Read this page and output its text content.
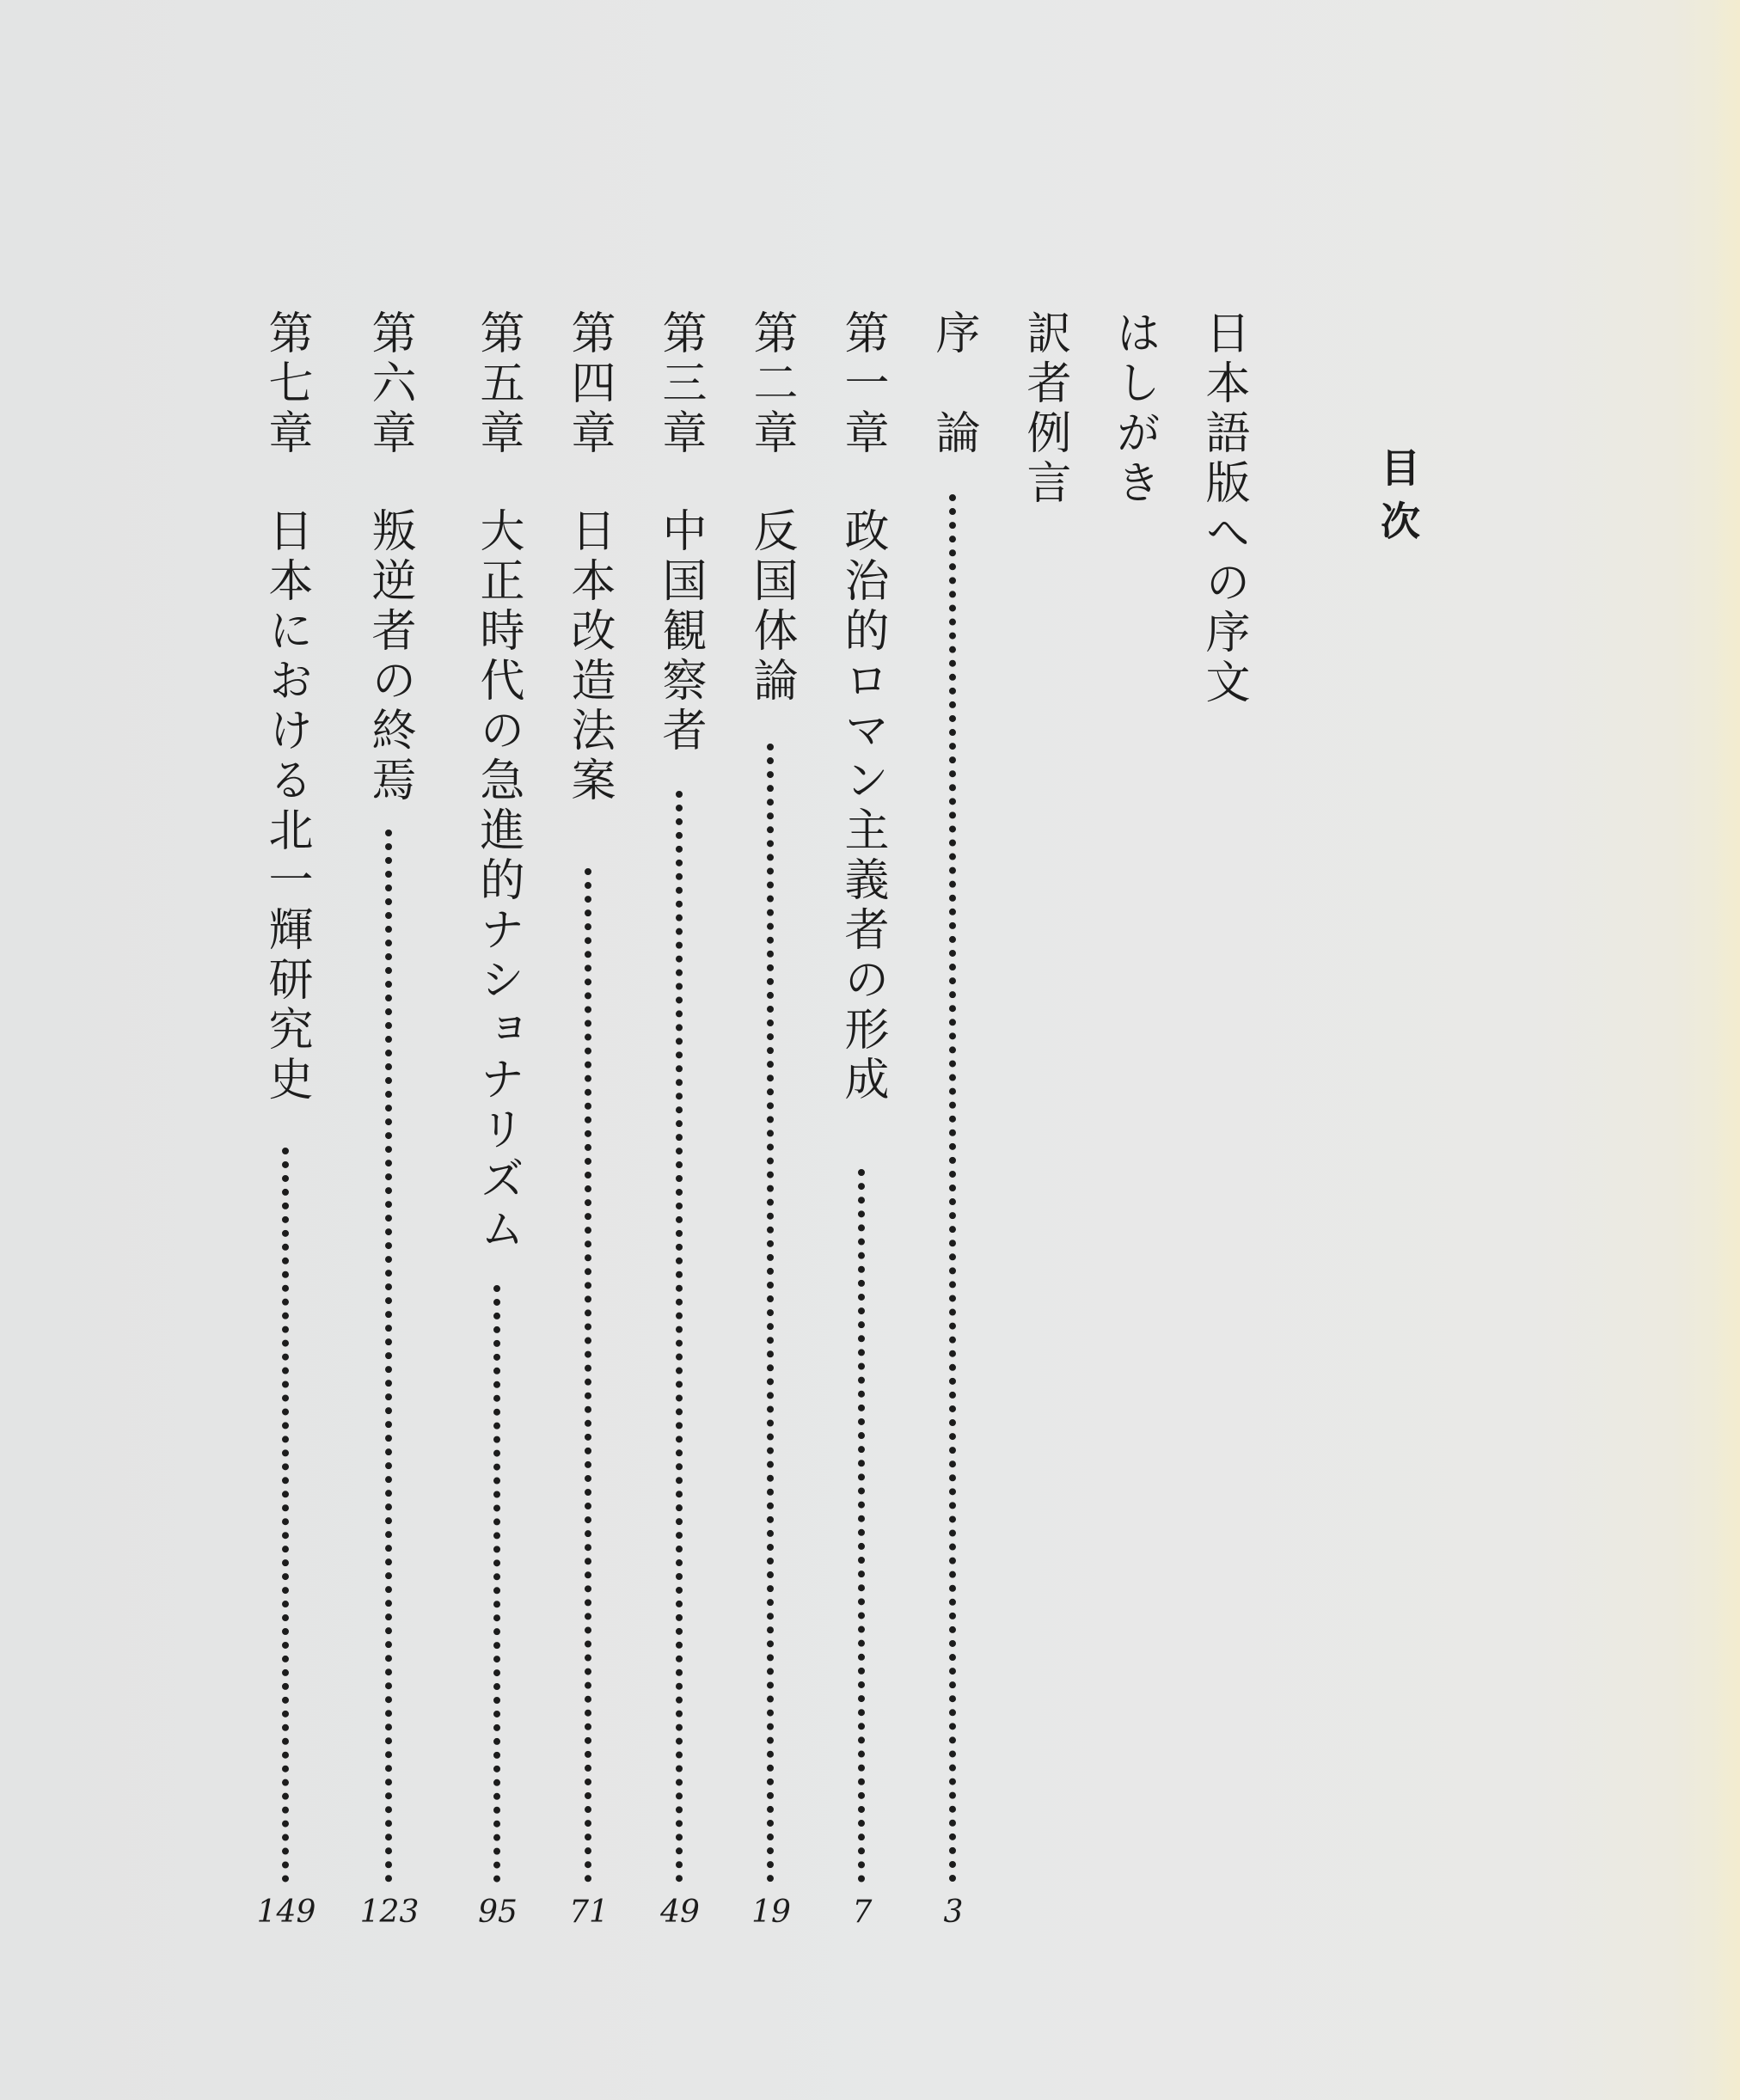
目 次
日本語版への序文
はしがき
訳者例言
序　論
3
第一章政治的ロマン主義者の形成
7
第二章反国体論
19
第三章中国観察者
49
第四章日本改造法案
71
第五章大正時代の急進的ナショナリズム
95
第六章叛逆者の終焉
123
第七章日本における北一輝研究史
149
